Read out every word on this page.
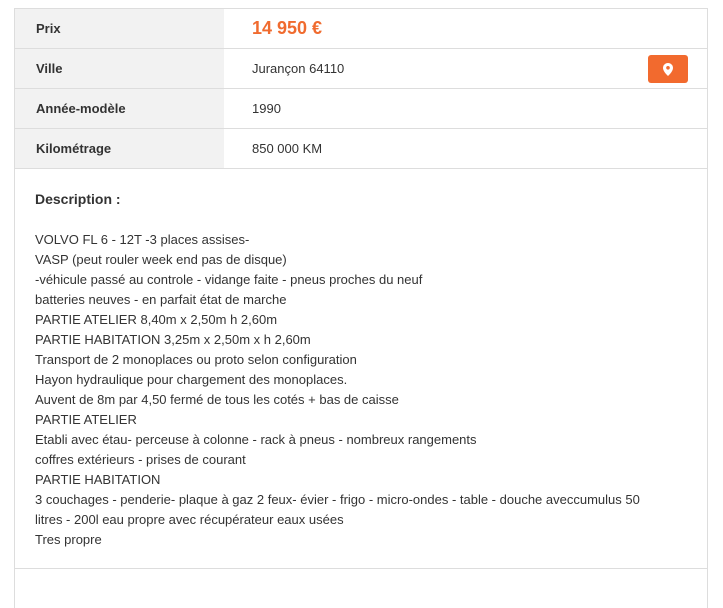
Prix	14 950 €
Ville	Jurançon 64110
Année-modèle	1990
Kilométrage	850 000 KM
Description :
VOLVO FL 6 - 12T -3 places assises-
VASP (peut rouler week end pas de disque)
-véhicule passé au controle - vidange faite - pneus proches du neuf
batteries neuves - en parfait état de marche
PARTIE ATELIER 8,40m x 2,50m h 2,60m
PARTIE HABITATION 3,25m x 2,50m x h 2,60m
Transport de 2 monoplaces ou proto selon configuration
Hayon hydraulique pour chargement des monoplaces.
Auvent de 8m par 4,50 fermé de tous les cotés + bas de caisse
PARTIE ATELIER
Etabli avec étau- perceuse à colonne - rack à pneus - nombreux rangements
coffres extérieurs - prises de courant
PARTIE HABITATION
3 couchages - penderie- plaque à gaz 2 feux- évier - frigo - micro-ondes - table - douche aveccumulus 50
litres - 200l eau propre avec récupérateur eaux usées
Tres propre
